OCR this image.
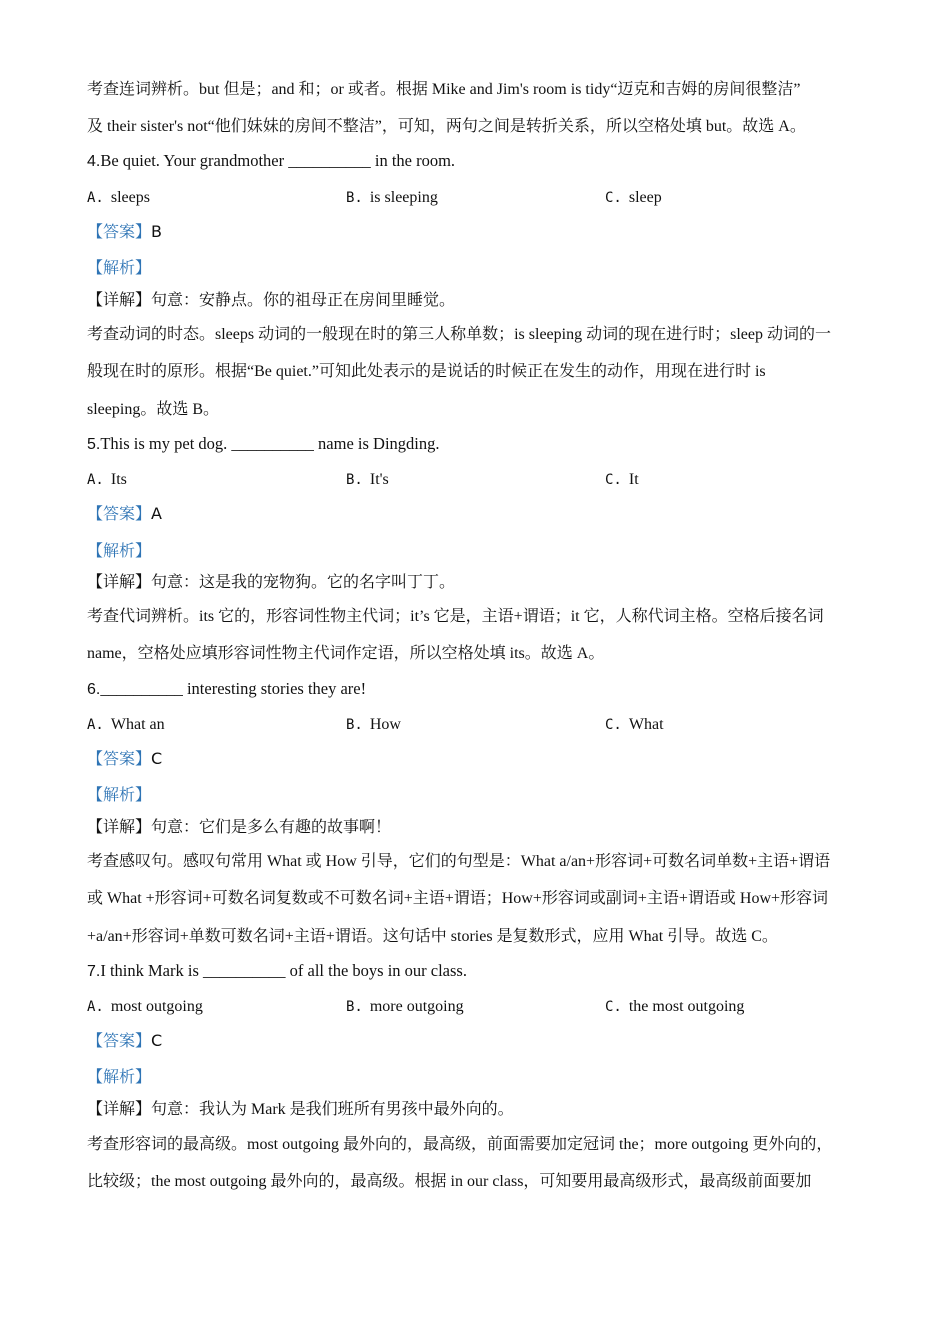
考查连词辨析。but 但是；and 和；or 或者。根据 Mike and Jim's room is tidy“迈克和吉姆的房间很整洁”
及 their sister's not“他们妹妹的房间不整洁”，可知，两句之间是转折关系，所以空格处填 but。故选 A。
4.Be quiet. Your grandmother __________ in the room.
A. sleeps	B. is sleeping	C. sleep
【答案】B
【解析】
【详解】句意：安静点。你的祖母正在房间里睡觉。
考查动词的时态。sleeps 动词的一般现在时的第三人称单数；is sleeping 动词的现在进行时；sleep 动词的一
般现在时的原形。根据“Be quiet.”可知此处表示的是说话的时候正在发生的动作，用现在进行时 is
sleeping。故选 B。
5.This is my pet dog. __________ name is Dingding.
A. Its	B. It's	C. It
【答案】A
【解析】
【详解】句意：这是我的宠物狗。它的名字叫丁丁。
考查代词辨析。its 它的，形容词性物主代词；it’s 它是，主语+谓语；it 它，人称代词主格。空格后接名词
name，空格处应填形容词性物主代词作定语，所以空格处填 its。故选 A。
6.__________ interesting stories they are!
A. What an	B. How	C. What
【答案】C
【解析】
【详解】句意：它们是多么有趣的故事啊！
考查感叹句。感叹句常用 What 或 How 引导，它们的句型是：What a/an+形容词+可数名词单数+主语+谓语
或 What +形容词+可数名词复数或不可数名词+主语+谓语；How+形容词或副词+主语+谓语或 How+形容词
+a/an+形容词+单数可数名词+主语+谓语。这句话中 stories 是复数形式，应用 What 引导。故选 C。
7.I think Mark is __________ of all the boys in our class.
A. most outgoing	B. more outgoing	C. the most outgoing
【答案】C
【解析】
【详解】句意：我认为 Mark 是我们班所有男孩中最外向的。
考查形容词的最高级。most outgoing 最外向的，最高级，前面需要加定冠词 the；more outgoing 更外向的，
比较级；the most outgoing 最外向的，最高级。根据 in our class，可知要用最高级形式，最高级前面要加
